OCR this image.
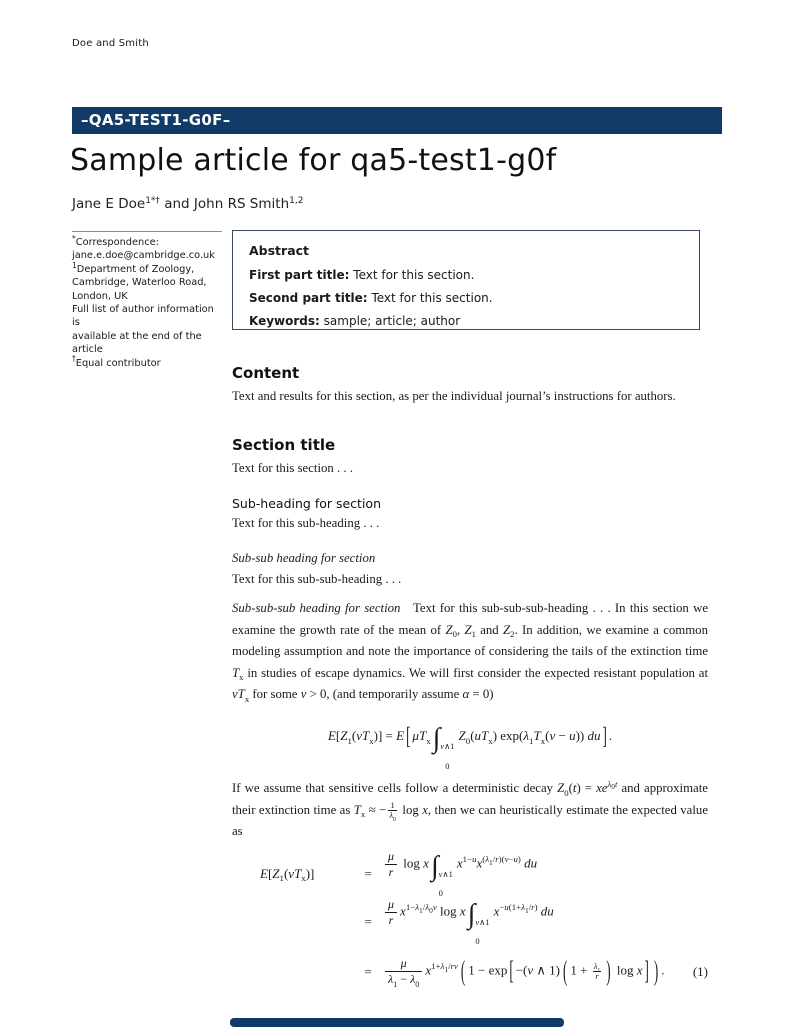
Doe and Smith
–QA5-TEST1-G0F–
Sample article for qa5-test1-g0f
Jane E Doe$^{1*\dagger}$ and John RS Smith$^{1,2}$
*Correspondence:
jane.e.doe@cambridge.co.uk
$^1$Department of Zoology,
Cambridge, Waterloo Road,
London, UK
Full list of author information is
available at the end of the article
†Equal contributor
Abstract
First part title: Text for this section.
Second part title: Text for this section.
Keywords: sample; article; author
Content
Text and results for this section, as per the individual journal’s instructions for authors.
Section title
Text for this section . . .
Sub-heading for section
Text for this sub-heading . . .
Sub-sub heading for section
Text for this sub-sub-heading . . .
Sub-sub-sub heading for section Text for this sub-sub-sub-heading . . . In this section we examine the growth rate of the mean of $Z_0$, $Z_1$ and $Z_2$. In addition, we examine a common modeling assumption and note the importance of considering the tails of the extinction time $T_x$ in studies of escape dynamics. We will first consider the expected resistant population at $vT_x$ for some v > 0, (and temporarily assume α = 0)
$E[Z_1(vT_x)] = E$ [ $\mu T_x\int$ v∧1
0
$Z_0(uT_x) \exp(\lambda_1T_x(v - u))$ du ] .
If we assume that sensitive cells follow a deterministic decay $Z_0(t) = xe^{\lambda_0t}$ and approximate their extinction time as $T_x$ ≈ − $\frac{1}{\lambda_0}$ log x, then we can heuristically estimate the expected value as
$E[Z_1(vT_x)]$	=	$\frac{\mu}{r}$ log x∫ v∧1
0
$x^{1-u}x^{(\lambda_1/r)(v-u)}$ du
=	$\frac{\mu}{r} x^{1-\lambda_1/\lambda_0v}$ log x∫ v∧1
0
$x^{-u(1+\lambda_1/r)}$ du
=	$\frac{\mu}{\lambda_1 - \lambda_0} x^{1+\lambda_1/rv}$ ( 1 − exp [ −(v ∧ 1) ( $1 + \frac{\lambda_1}{r}$ ) log x ] ) .	(1)
